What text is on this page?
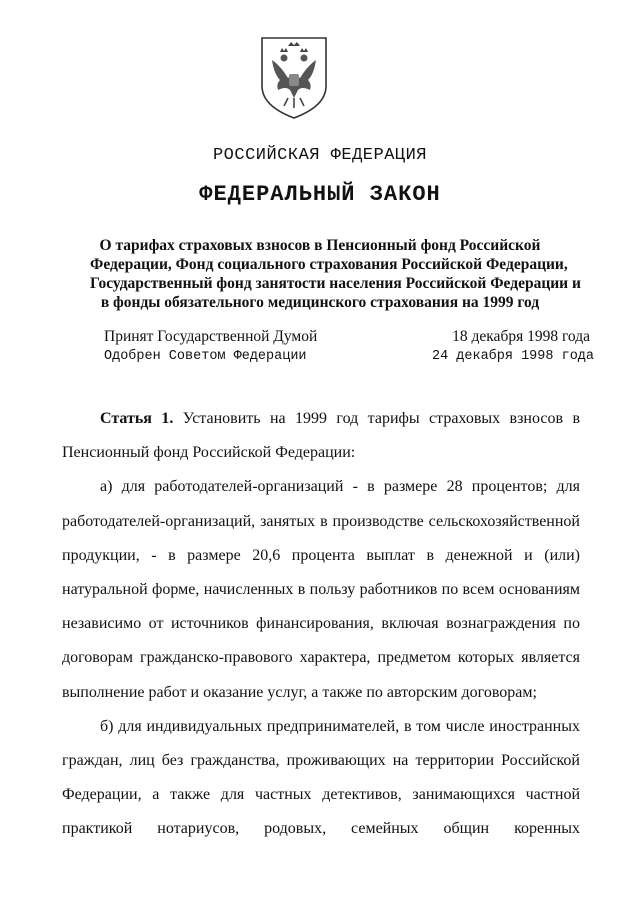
РОССИЙСКАЯ ФЕДЕРАЦИЯ
ФЕДЕРАЛЬНЫЙ ЗАКОН
О тарифах страховых взносов в Пенсионный фонд Российской
Федерации, Фонд социального страхования Российской Федерации,
Государственный фонд занятости населения Российской Федерации и
в фонды обязательного медицинского страхования на 1999 год
Принят Государственной Думой	18 декабря 1998 года
Одобрен Советом Федерации	24 декабря 1998 года

Статья 1. Установить на 1999 год тарифы страховых взносов в Пенсионный фонд Российской Федерации:

а) для работодателей-организаций - в размере 28 процентов; для работодателей-организаций, занятых в производстве сельскохозяйственной продукции, - в размере 20,6 процента выплат в денежной и (или) натуральной форме, начисленных в пользу работников по всем основаниям независимо от источников финансирования, включая вознаграждения по договорам гражданско-правового характера, предметом которых является выполнение работ и оказание услуг, а также по авторским договорам;

б) для индивидуальных предпринимателей, в том числе иностранных граждан, лиц без гражданства, проживающих на территории Российской Федерации, а также для частных детективов, занимающихся частной практикой нотариусов, родовых, семейных общин коренных
